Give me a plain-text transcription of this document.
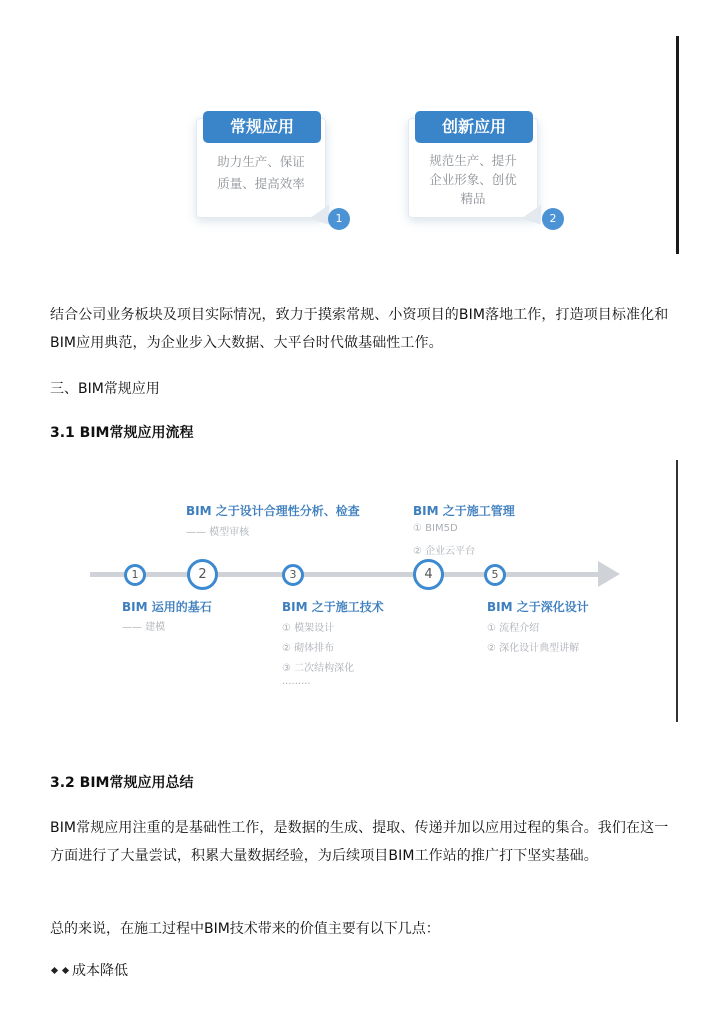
常规应用
助力生产、保证
质量、提高效率
1
创新应用
规范生产、提升
企业形象、创优
精品
2
结合公司业务板块及项目实际情况，致力于摸索常规、小资项目的BIM落地工作，打造项目标准化和BIM应用典范，为企业步入大数据、大平台时代做基础性工作。
三、BIM常规应用
3.1 BIM常规应用流程
1	2	3	4	5
BIM 之于设计合理性分析、检查
—— 模型审核
BIM 之于施工管理
① BIM5D
② 企业云平台
BIM 运用的基石
—— 建模
BIM 之于施工技术
① 模架设计
② 砌体排布
③ 二次结构深化
·········
BIM 之于深化设计
① 流程介绍
② 深化设计典型讲解
3.2 BIM常规应用总结
BIM常规应用注重的是基础性工作，是数据的生成、提取、传递并加以应用过程的集合。我们在这一方面进行了大量尝试，积累大量数据经验，为后续项目BIM工作站的推广打下坚实基础。
总的来说，在施工过程中BIM技术带来的价值主要有以下几点：
成本降低
